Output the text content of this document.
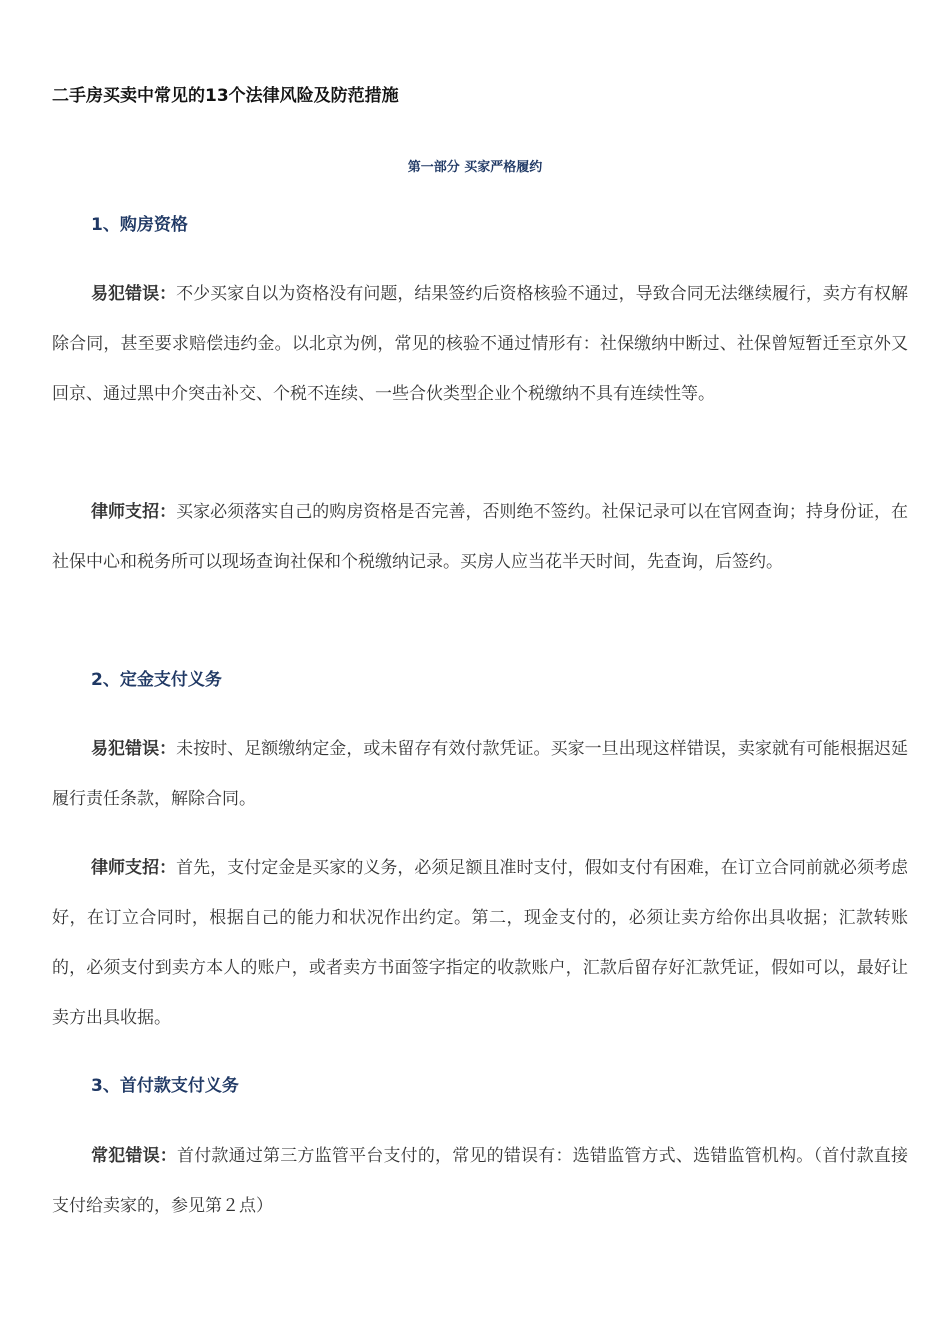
二手房买卖中常见的13个法律风险及防范措施
第一部分 买家严格履约
1、购房资格

易犯错误：不少买家自以为资格没有问题，结果签约后资格核验不通过，导致合同无法继续履行，卖方有权解除合同，甚至要求赔偿违约金。以北京为例，常见的核验不通过情形有：社保缴纳中断过、社保曾短暂迁至京外又回京、通过黑中介突击补交、个税不连续、一些合伙类型企业个税缴纳不具有连续性等。

律师支招：买家必须落实自己的购房资格是否完善，否则绝不签约。社保记录可以在官网查询；持身份证，在社保中心和税务所可以现场查询社保和个税缴纳记录。买房人应当花半天时间，先查询，后签约。

2、定金支付义务

易犯错误：未按时、足额缴纳定金，或未留存有效付款凭证。买家一旦出现这样错误，卖家就有可能根据迟延履行责任条款，解除合同。

律师支招：首先，支付定金是买家的义务，必须足额且准时支付，假如支付有困难，在订立合同前就必须考虑好，在订立合同时，根据自己的能力和状况作出约定。第二，现金支付的，必须让卖方给你出具收据；汇款转账的，必须支付到卖方本人的账户，或者卖方书面签字指定的收款账户，汇款后留存好汇款凭证，假如可以，最好让卖方出具收据。

3、首付款支付义务

常犯错误：首付款通过第三方监管平台支付的，常见的错误有：选错监管方式、选错监管机构。（首付款直接支付给卖家的，参见第２点）
